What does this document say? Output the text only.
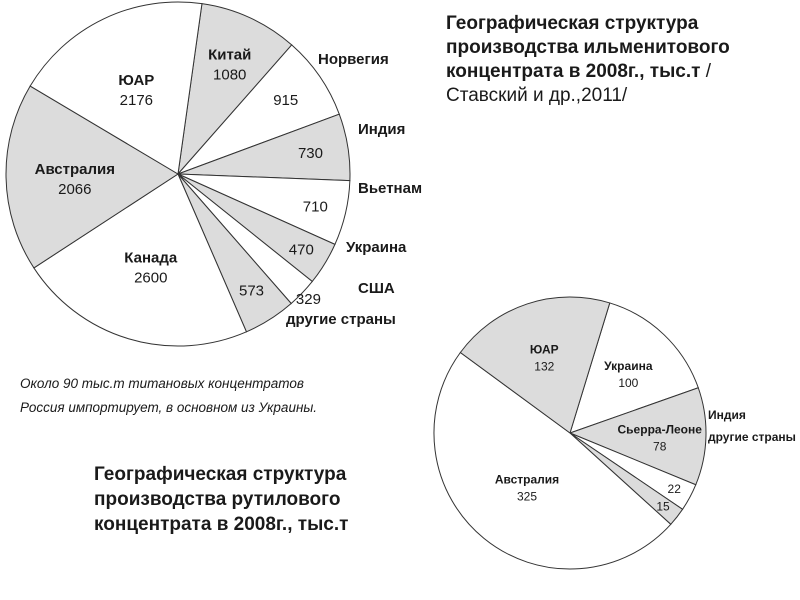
Географическая структура производства ильменитового концентрата в 2008г., тыс.т /Ставский и др.,2011/
Около 90 тыс.т титановых концентратов
Россия импортирует, в основном из Украины.
Географическая структура производства рутилового концентрата в 2008г., тыс.т
Китай
1080
915
Норвегия
730
Индия
710
Вьетнам
470 Украина
329
США
573
другие страны
Канада
2600
Австралия
2066
ЮАР
2176
Украина
100
Сьерра-Леоне
78
22
Индия
15
другие страны
Австралия
325
ЮАР
132
